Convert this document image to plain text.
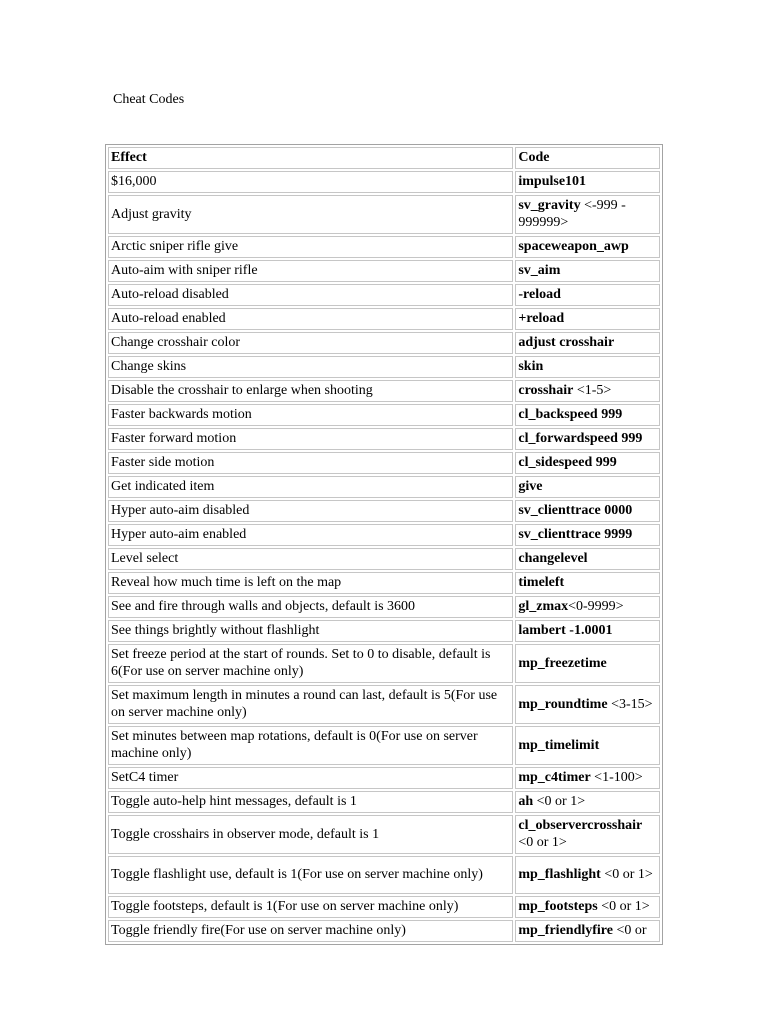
Cheat Codes
Effect	Code
$16,000	impulse101
Adjust gravity	sv_gravity <-999 - 999999>
Arctic sniper rifle give	spaceweapon_awp
Auto-aim with sniper rifle	sv_aim
Auto-reload disabled	-reload
Auto-reload enabled	+reload
Change crosshair color	adjust crosshair
Change skins	skin
Disable the crosshair to enlarge when shooting	crosshair <1-5>
Faster backwards motion	cl_backspeed 999
Faster forward motion	cl_forwardspeed 999
Faster side motion	cl_sidespeed 999
Get indicated item	give
Hyper auto-aim disabled	sv_clienttrace 0000
Hyper auto-aim enabled	sv_clienttrace 9999
Level select	changelevel
Reveal how much time is left on the map	timeleft
See and fire through walls and objects, default is 3600	gl_zmax<0-9999>
See things brightly without flashlight	lambert -1.0001
Set freeze period at the start of rounds. Set to 0 to disable, default is 6(For use on server machine only)	mp_freezetime
Set maximum length in minutes a round can last, default is 5(For use on server machine only)	mp_roundtime <3-15>
Set minutes between map rotations, default is 0(For use on server machine only)	mp_timelimit
SetC4 timer	mp_c4timer <1-100>
Toggle auto-help hint messages, default is 1	ah <0 or 1>
Toggle crosshairs in observer mode, default is 1	cl_observercrosshair <0 or 1>
Toggle flashlight use, default is 1(For use on server machine only)	mp_flashlight <0 or 1>
Toggle footsteps, default is 1(For use on server machine only)	mp_footsteps <0 or 1>
Toggle friendly fire(For use on server machine only)	mp_friendlyfire <0 or
